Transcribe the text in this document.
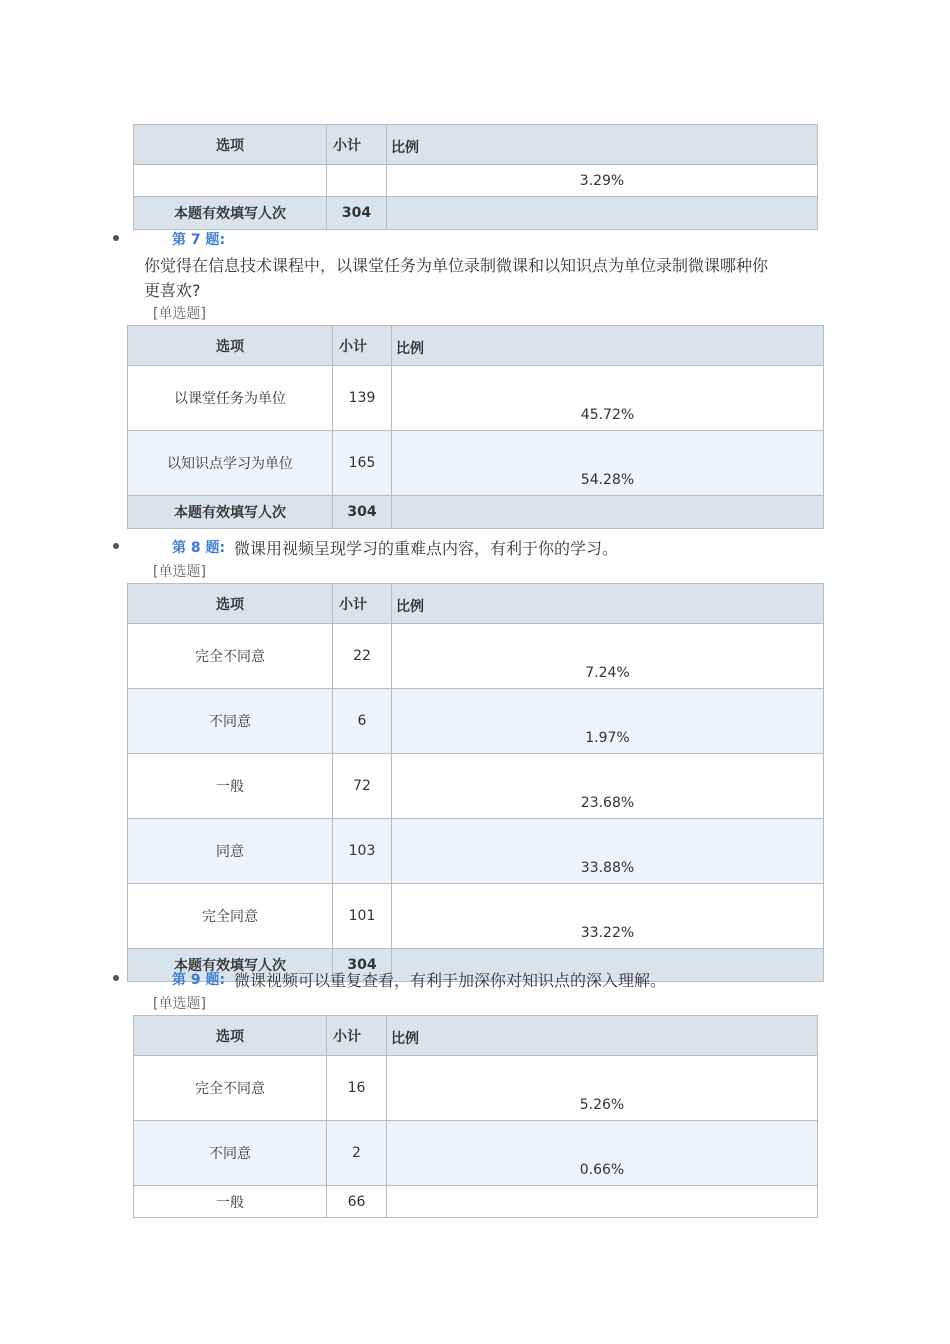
选项	小计	比例
		3.29%
本题有效填写人次	304	
第 7 题:
你觉得在信息技术课程中，以课堂任务为单位录制微课和以知识点为单位录制微课哪种你
更喜欢?
[单选题]
选项	小计	比例
以课堂任务为单位	139	45.72%
以知识点学习为单位	165	54.28%
本题有效填写人次	304	
第 8 题: 微课用视频呈现学习的重难点内容，有利于你的学习。
[单选题]
选项	小计	比例
完全不同意	22	7.24%
不同意	6	1.97%
一般	72	23.68%
同意	103	33.88%
完全同意	101	33.22%
本题有效填写人次	304	
第 9 题: 微课视频可以重复查看，有利于加深你对知识点的深入理解。
[单选题]
选项	小计	比例
完全不同意	16	5.26%
不同意	2	0.66%
一般	66	
